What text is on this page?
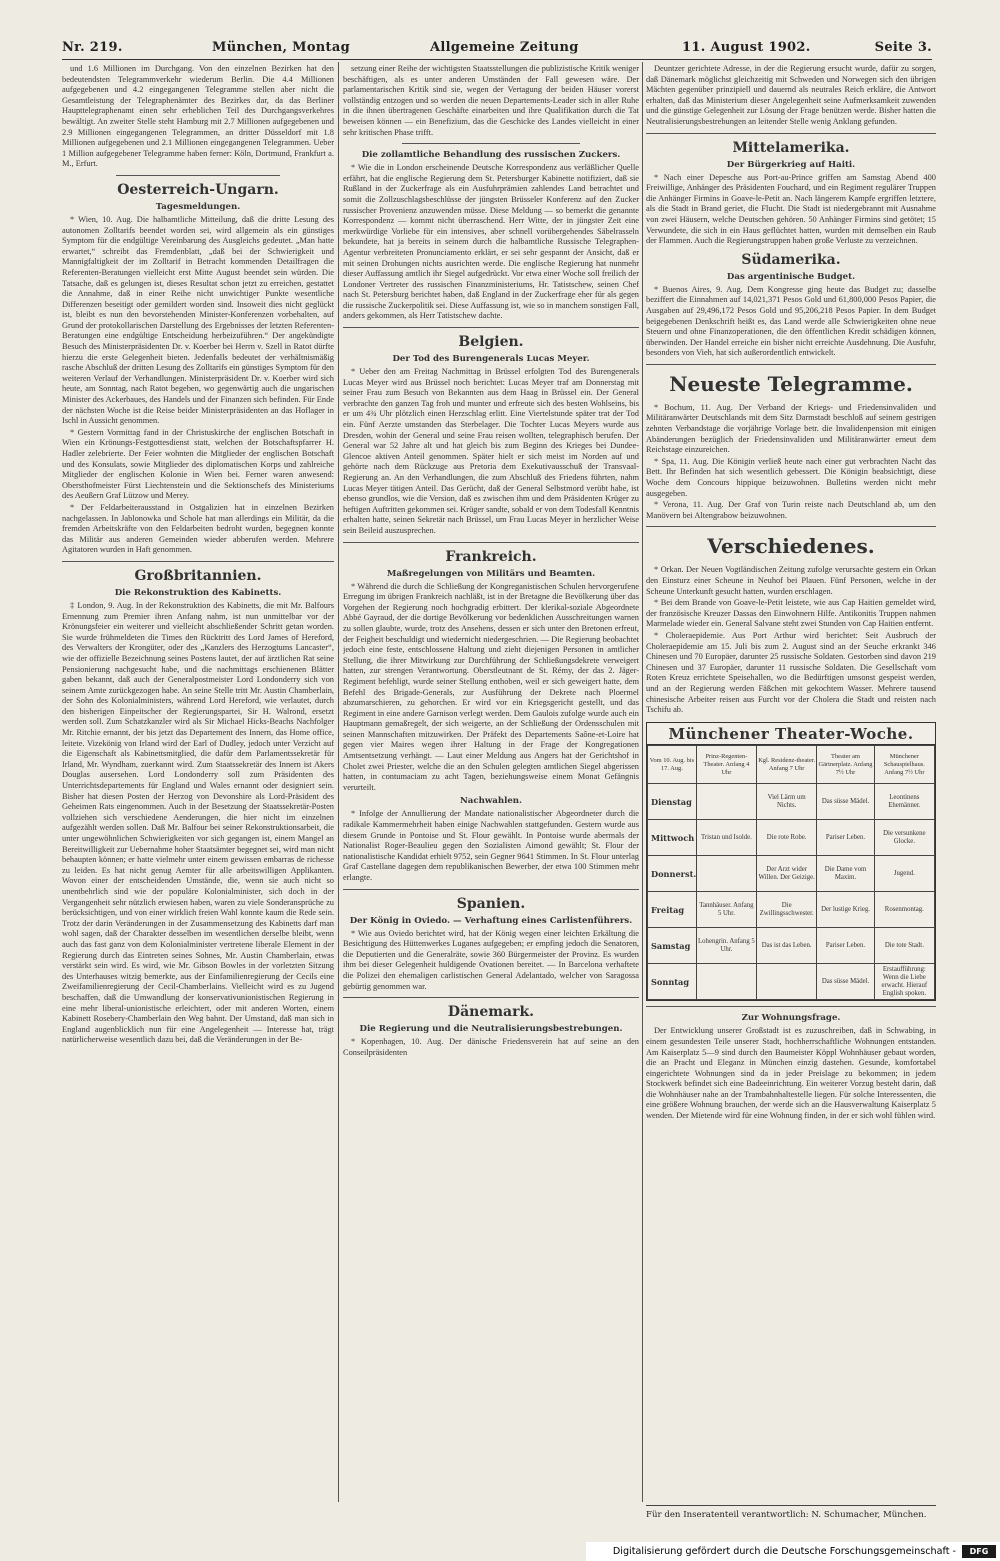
Nr. 219.	München, Montag	Allgemeine Zeitung	11. August 1902.	Seite 3.

und 1.6 Millionen im Durchgang. Von den einzelnen Bezirken hat den bedeutendsten Telegrammverkehr wiederum Berlin. Die 4.4 Millionen aufgegebenen und 4.2 eingegangenen Telegramme stellen aber nicht die Gesamtleistung der Telegraphenämter des Bezirkes dar, da das Berliner Haupttelegraphenamt einen sehr erheblichen Teil des Durchgangsverkehres bewältigt. An zweiter Stelle steht Hamburg mit 2.7 Millionen aufgegebenen und 2.9 Millionen eingegangenen Telegrammen, an dritter Düsseldorf mit 1.8 Millionen aufgegebenen und 2.1 Millionen eingegangenen Telegrammen. Ueber 1 Million aufgegebener Telegramme haben ferner: Köln, Dortmund, Frankfurt a. M., Erfurt.

Oesterreich-Ungarn.
Tagesmeldungen.

* Wien, 10. Aug. Die halbamtliche Mitteilung, daß die dritte Lesung des autonomen Zolltarifs beendet worden sei, wird allgemein als ein günstiges Symptom für die endgültige Vereinbarung des Ausgleichs gedeutet. „Man hatte erwartet,“ schreibt das Fremdenblatt, „daß bei der Schwierigkeit und Mannigfaltigkeit der im Zolltarif in Betracht kommenden Detailfragen die Referenten-Beratungen vielleicht erst Mitte August beendet sein würden. Die Tatsache, daß es gelungen ist, dieses Resultat schon jetzt zu erreichen, gestattet die Annahme, daß in einer Reihe nicht unwichtiger Punkte wesentliche Differenzen beseitigt oder gemildert worden sind. Insoweit dies nicht geglückt ist, bleibt es nun den bevorstehenden Minister-Konferenzen vorbehalten, auf Grund der protokollarischen Darstellung des Ergebnisses der letzten Referenten-Beratungen eine endgültige Entscheidung herbeizuführen.“ Der angekündigte Besuch des Ministerpräsidenten Dr. v. Koerber bei Herrn v. Szell in Ratot dürfte hierzu die erste Gelegenheit bieten. Jedenfalls bedeutet der verhältnismäßig rasche Abschluß der dritten Lesung des Zolltarifs ein günstiges Symptom für den weiteren Verlauf der Verhandlungen. Ministerpräsident Dr. v. Koerber wird sich heute, am Sonntag, nach Ratot begeben, wo gegenwärtig auch die ungarischen Minister des Ackerbaues, des Handels und der Finanzen sich befinden. Für Ende der nächsten Woche ist die Reise beider Ministerpräsidenten an das Hoflager in Ischl in Aussicht genommen.

* Gestern Vormittag fand in der Christuskirche der englischen Botschaft in Wien ein Krönungs-Festgottesdienst statt, welchen der Botschaftspfarrer H. Hadler zelebrierte. Der Feier wohnten die Mitglieder der englischen Botschaft und des Konsulats, sowie Mitglieder des diplomatischen Korps und zahlreiche Mitglieder der englischen Kolonie in Wien bei. Ferner waren anwesend: Obersthofmeister Fürst Liechtenstein und die Sektionschefs des Ministeriums des Aeußern Graf Lützow und Merey.

* Der Feldarbeiterausstand in Ostgalizien hat in einzelnen Bezirken nachgelassen. In Jablonowka und Schole hat man allerdings ein Militär, da die fremden Arbeitskräfte von den Feldarbeiten bedroht wurden, begegnen konnte das Militär aus anderen Gemeinden wieder abberufen werden. Mehrere Agitatoren wurden in Haft genommen.

Großbritannien.
Die Rekonstruktion des Kabinetts.

‡ London, 9. Aug. In der Rekonstruktion des Kabinetts, die mit Mr. Balfours Ernennung zum Premier ihren Anfang nahm, ist nun unmittelbar vor der Krönungsfeier ein weiterer und vielleicht abschließender Schritt getan worden. Sie wurde frühmeldeten die Times den Rücktritt des Lord James of Hereford, des Verwalters der Krongüter, oder des „Kanzlers des Herzogtums Lancaster“, wie der offizielle Bezeichnung seines Postens lautet, der auf ärztlichen Rat seine Pensionierung nachgesucht habe, und die nachmittags erschienenen Blätter gaben bekannt, daß auch der Generalpostmeister Lord Londonderry sich von seinem Amte zurückgezogen habe. An seine Stelle tritt Mr. Austin Chamberlain, der Sohn des Kolonialministers, während Lord Hereford, wie verlautet, durch den bisherigen Einpeitscher der Regierungspartei, Sir H. Walrond, ersetzt werden soll. Zum Schatzkanzler wird als Sir Michael Hicks-Beachs Nachfolger Mr. Ritchie ernannt, der bis jetzt das Departement des Innern, das Home office, leitete. Vizekönig von Irland wird der Earl of Dudley, jedoch unter Verzicht auf die Eigenschaft als Kabinettsmitglied, die dafür dem Parlamentssekretär für Irland, Mr. Wyndham, zuerkannt wird. Zum Staatssekretär des Innern ist Akers Douglas ausersehen. Lord Londonderry soll zum Präsidenten des Unterrichtsdepartements für England und Wales ernannt oder designiert sein. Bisher hat diesen Posten der Herzog von Devonshire als Lord-Präsident des Geheimen Rats eingenommen. Auch in der Besetzung der Staatssekretär-Posten vollziehen sich verschiedene Aenderungen, die hier nicht im einzelnen aufgezählt werden sollen. Daß Mr. Balfour bei seiner Rekonstruktionsarbeit, die unter ungewöhnlichen Schwierigkeiten vor sich gegangen ist, einem Mangel an Bereitwilligkeit zur Uebernahme hoher Staatsämter begegnet sei, wird man nicht behaupten können; er hatte vielmehr unter einem gewissen embarras de richesse zu leiden. Es hat nicht genug Aemter für alle arbeitswilligen Applikanten. Wovon einer der entscheidenden Umstände, die, wenn sie auch nicht so unentbehrlich sind wie der populäre Kolonialminister, sich doch in der Vergangenheit sehr nützlich erwiesen haben, waren zu viele Sonderansprüche zu berücksichtigen, und von einer wirklich freien Wahl konnte kaum die Rede sein. Trotz der darin Veränderungen in der Zusammensetzung des Kabinetts darf man wohl sagen, daß der Charakter desselben im wesentlichen derselbe bleibt, wenn auch das fast ganz von dem Kolonialminister vertretene liberale Element in der Regierung durch das Eintreten seines Sohnes, Mr. Austin Chamberlain, etwas verstärkt sein wird. Es wird, wie Mr. Gibson Bowles in der vorletzten Sitzung des Unterhauses witzig bemerkte, aus der Einfamilienregierung der Cecils eine Zweifamilienregierung der Cecil-Chamberlains. Vielleicht wird es zu Jugend beschaffen, daß die Umwandlung der konservativunionistischen Regierung in eine mehr liberal-unionistische erleichtert, oder mit anderen Worten, einem Kabinett Rosebery-Chamberlain den Weg bahnt. Der Umstand, daß man sich in England augenblicklich nun für eine Angelegenheit — Interesse hat, trägt natürlicherweise wesentlich dazu bei, daß die Veränderungen in der Be-

setzung einer Reihe der wichtigsten Staatsstellungen die publizistische Kritik weniger beschäftigen, als es unter anderen Umständen der Fall gewesen wäre. Der parlamentarischen Kritik sind sie, wegen der Vertagung der beiden Häuser vorerst vollständig entzogen und so werden die neuen Departements-Leader sich in aller Ruhe in die ihnen übertragenen Geschäfte einarbeiten und ihre Qualifikation durch die Tat beweisen können — ein Benefizium, das die Geschicke des Landes vielleicht in einer sehr kritischen Phase trifft.

Die zollamtliche Behandlung des russischen Zuckers.

* Wie die in London erscheinende Deutsche Korrespondenz aus verläßlicher Quelle erfährt, hat die englische Regierung dem St. Petersburger Kabinette notifiziert, daß sie Rußland in der Zuckerfrage als ein Ausfuhrprämien zahlendes Land betrachtet und somit die Zollzuschlagsbeschlüsse der jüngsten Brüsseler Konferenz auf den Zucker russischer Provenienz anzuwenden müsse. Diese Meldung — so bemerkt die genannte Korrespondenz — kommt nicht überraschend. Herr Witte, der in jüngster Zeit eine merkwürdige Vorliebe für ein intensives, aber schnell vorübergehendes Säbelrasseln bekundete, hat ja bereits in seinem durch die halbamtliche Russische Telegraphen-Agentur verbreiteten Pronunciamento erklärt, er sei sehr gespannt der Ansicht, daß er mit seinen Drohungen nichts ausrichten werde. Die englische Regierung hat nunmehr dieser Auffassung amtlich ihr Siegel aufgedrückt. Vor etwa einer Woche soll freilich der Londoner Vertreter des russischen Finanzministeriums, Hr. Tatistschew, seinen Chef nach St. Petersburg berichtet haben, daß England in der Zuckerfrage eher für als gegen die russische Zuckerpolitik sei. Diese Auffassung ist, wie so in manchem sonstigen Fall, anders gekommen, als Herr Tatistschew dachte.

Belgien.
Der Tod des Burengenerals Lucas Meyer.

* Ueber den am Freitag Nachmittag in Brüssel erfolgten Tod des Burengenerals Lucas Meyer wird aus Brüssel noch berichtet: Lucas Meyer traf am Donnerstag mit seiner Frau zum Besuch von Bekannten aus dem Haag in Brüssel ein. Der General verbrachte den ganzen Tag froh und munter und erfreute sich des besten Wohlseins, bis er um 4¾ Uhr plötzlich einen Herzschlag erlitt. Eine Viertelstunde später trat der Tod ein. Fünf Aerzte umstanden das Sterbelager. Die Tochter Lucas Meyers wurde aus Dresden, wohin der General und seine Frau reisen wollten, telegraphisch berufen. Der General war 52 Jahre alt und hat gleich bis zum Beginn des Krieges bei Dundee-Glencoe aktiven Anteil genommen. Später hielt er sich meist im Norden auf und gehörte nach dem Rückzuge aus Pretoria dem Exekutivausschuß der Transvaal-Regierung an. An den Verhandlungen, die zum Abschluß des Friedens führten, nahm Lucas Meyer tätigen Anteil. Das Gerücht, daß der General Selbstmord verübt habe, ist ebenso grundlos, wie die Version, daß es zwischen ihm und dem Präsidenten Krüger zu heftigen Auftritten gekommen sei. Krüger sandte, sobald er von dem Todesfall Kenntnis erhalten hatte, seinen Sekretär nach Brüssel, um Frau Lucas Meyer in herzlicher Weise sein Beileid auszusprechen.

Frankreich.
Maßregelungen von Militärs und Beamten.

* Während die durch die Schließung der Kongreganistischen Schulen hervorgerufene Erregung im übrigen Frankreich nachläßt, ist in der Bretagne die Bevölkerung über das Vorgehen der Regierung noch hochgradig erbittert. Der klerikal-soziale Abgeordnete Abbé Gayraud, der die dortige Bevölkerung vor bedenklichen Ausschreitungen warnen zu sollen glaubte, wurde, trotz des Ansehens, dessen er sich unter den Bretonen erfreut, der Feigheit beschuldigt und wiedernicht niedergeschrien. — Die Regierung beobachtet jedoch eine feste, entschlossene Haltung und zieht diejenigen Personen in amtlicher Stellung, die ihrer Mitwirkung zur Durchführung der Schließungsdekrete verweigert hatten, zur strengen Verantwortung. Oberstleutnant de St. Rémy, der das 2. Jäger-Regiment befehligt, wurde seiner Stellung enthoben, weil er sich geweigert hatte, dem Befehl des Brigade-Generals, zur Ausführung der Dekrete nach Ploermel abzumarschieren, zu gehorchen. Er wird vor ein Kriegsgericht gestellt, und das Regiment in eine andere Garnison verlegt werden. Dem Gaulois zufolge wurde auch ein Hauptmann gemaßregelt, der sich weigerte, an der Schließung der Ordensschulen mit seinen Mannschaften mitzuwirken. Der Präfekt des Departements Saône-et-Loire hat gegen vier Maires wegen ihrer Haltung in der Frage der Kongregationen Amtsentsetzung verhängt. — Laut einer Meldung aus Angers hat der Gerichtshof in Cholet zwei Priester, welche die an den Schulen gelegten amtlichen Siegel abgerissen hatten, in contumaciam zu acht Tagen, beziehungsweise einem Monat Gefängnis verurteilt.

Nachwahlen.

* Infolge der Annullierung der Mandate nationalistischer Abgeordneter durch die radikale Kammermehrheit haben einige Nachwahlen stattgefunden. Gestern wurde aus diesem Grunde in Pontoise und St. Flour gewählt. In Pontoise wurde abermals der Nationalist Roger-Beaulieu gegen den Sozialisten Aimond gewählt; St. Flour der nationalistische Kandidat erhielt 9752, sein Gegner 9641 Stimmen. In St. Flour unterlag Graf Castellane dagegen dem republikanischen Bewerber, der etwa 100 Stimmen mehr erlangte.

Spanien.
Der König in Oviedo. — Verhaftung eines Carlistenführers.

* Wie aus Oviedo berichtet wird, hat der König wegen einer leichten Erkältung die Besichtigung des Hüttenwerkes Luganes aufgegeben; er empfing jedoch die Senatoren, die Deputierten und die Generalräte, sowie 360 Bürgermeister der Provinz. Es wurden ihm bei dieser Gelegenheit huldigende Ovationen bereitet. — In Barcelona verhaftete die Polizei den ehemaligen carlistischen General Adelantado, welcher von Saragossa gebürtig genommen war.

Dänemark.
Die Regierung und die Neutralisierungsbestrebungen.

* Kopenhagen, 10. Aug. Der dänische Friedensverein hat auf seine an den Conseilpräsidenten

Deuntzer gerichtete Adresse, in der die Regierung ersucht wurde, dafür zu sorgen, daß Dänemark möglichst gleichzeitig mit Schweden und Norwegen sich den übrigen Mächten gegenüber prinzipiell und dauernd als neutrales Reich erkläre, die Antwort erhalten, daß das Ministerium dieser Angelegenheit seine Aufmerksamkeit zuwenden und die günstige Gelegenheit zur Lösung der Frage benützen werde. Bisher hatten die Neutralisierungsbestrebungen an leitender Stelle wenig Anklang gefunden.

Mittelamerika.
Der Bürgerkrieg auf Haiti.

* Nach einer Depesche aus Port-au-Prince griffen am Samstag Abend 400 Freiwillige, Anhänger des Präsidenten Fouchard, und ein Regiment regulärer Truppen die Anhänger Firmins in Goave-le-Petit an. Nach längerem Kampfe ergriffen letztere, als die Stadt in Brand geriet, die Flucht. Die Stadt ist niedergebrannt mit Ausnahme von zwei Häusern, welche Deutschen gehören. 50 Anhänger Firmins sind getötet; 15 Verwundete, die sich in ein Haus geflüchtet hatten, wurden mit demselben ein Raub der Flammen. Auch die Regierungstruppen haben große Verluste zu verzeichnen.

Südamerika.
Das argentinische Budget.

* Buenos Aires, 9. Aug. Dem Kongresse ging heute das Budget zu; dasselbe beziffert die Einnahmen auf 14,021,371 Pesos Gold und 61,800,000 Pesos Papier, die Ausgaben auf 29,496,172 Pesos Gold und 95,206,218 Pesos Papier. In dem Budget beigegebenen Denkschrift heißt es, das Land werde alle Schwierigkeiten ohne neue Steuern und ohne Finanzoperationen, die den öffentlichen Kredit schädigen können, überwinden. Der Handel erreiche ein bisher nicht erreichte Ausdehnung. Die Ausfuhr, besonders von Vieh, hat sich außerordentlich entwickelt.

Neueste Telegramme.

* Bochum, 11. Aug. Der Verband der Kriegs- und Friedensinvaliden und Militäranwärter Deutschlands mit dem Sitz Darmstadt beschloß auf seinem gestrigen zehnten Verbandstage die vorjährige Vorlage betr. die Invalidenpension mit einigen Abänderungen bezüglich der Friedensinvaliden und Militäranwärter erneut dem Reichstage einzureichen.

* Spa, 11. Aug. Die Königin verließ heute nach einer gut verbrachten Nacht das Bett. Ihr Befinden hat sich wesentlich gebessert. Die Königin beabsichtigt, diese Woche dem Concours hippique beizuwohnen. Bulletins werden nicht mehr ausgegeben.

* Verona, 11. Aug. Der Graf von Turin reiste nach Deutschland ab, um den Manövern bei Altengrabow beizuwohnen.

Verschiedenes.

* Orkan. Der Neuen Vogtländischen Zeitung zufolge verursachte gestern ein Orkan den Einsturz einer Scheune in Neuhof bei Plauen. Fünf Personen, welche in der Scheune Unterkunft gesucht hatten, wurden erschlagen.

* Bei dem Brande von Goave-le-Petit leistete, wie aus Cap Haitien gemeldet wird, der französische Kreuzer Dassas den Einwohnern Hilfe. Antikonitis Truppen nahmen Marmelade wieder ein. General Salvane steht zwei Stunden von Cap Haitien entfernt.

* Choleraepidemie. Aus Port Arthur wird berichtet: Seit Ausbruch der Choleraepidemie am 15. Juli bis zum 2. August sind an der Seuche erkrankt 346 Chinesen und 70 Europäer, darunter 25 russische Soldaten. Gestorben sind davon 219 Chinesen und 37 Europäer, darunter 11 russische Soldaten. Die Gesellschaft vom Roten Kreuz errichtete Speisehallen, wo die Bedürftigen umsonst gespeist werden, und an der Regierung werden Fäßchen mit gekochtem Wasser. Mehrere tausend chinesische Arbeiter reisen aus Furcht vor der Cholera die Stadt und reisten nach Tschifu ab.

Münchener Theater-Woche.
Vom 10. Aug. bis 17. Aug.	Prinz-Regenten-Theater. Anfang 4 Uhr	Kgl. Residenz-theater. Anfang 7 Uhr	Theater am Gärtnerplatz. Anfang 7½ Uhr	Münchener Schauspielhaus. Anfang 7½ Uhr
Dienstag		Viel Lärm um Nichts.	Das süsse Mädel.	Leontinens Ehemänner.
Mittwoch	Tristan und Isolde.	Die rote Robe.	Pariser Leben.	Die versunkene Glocke.
Donnerst.		Der Arzt wider Willen. Der Geizige.	Die Dame vom Maxim.	Jugend.
Freitag	Tannhäuser. Anfang 5 Uhr.	Die Zwillingsschwester.	Der lustige Krieg.	Rosenmontag.
Samstag	Lohengrin. Anfang 5 Uhr.	Das ist das Leben.	Pariser Leben.	Die tote Stadt.
Sonntag			Das süsse Mädel.	Erstaufführung: Wenn die Liebe erwacht. Hierauf English spoken.
Zur Wohnungsfrage.

Der Entwicklung unserer Großstadt ist es zuzuschreiben, daß in Schwabing, in einem gesundesten Teile unserer Stadt, hochherrschaftliche Wohnungen entstanden. Am Kaiserplatz 5—9 sind durch den Baumeister Köppl Wohnhäuser gebaut worden, die an Pracht und Eleganz in München einzig dastehen. Gesunde, komfortabel eingerichtete Wohnungen sind da in jeder Preislage zu bekommen; in jedem Stockwerk befindet sich eine Badeeinrichtung. Ein weiterer Vorzug besteht darin, daß die Wohnhäuser nahe an der Trambahnhaltestelle liegen. Für solche Interessenten, die eine größere Wohnung brauchen, der werde sich an die Hausverwaltung Kaiserplatz 5 wenden. Der Mietende wird für eine Wohnung finden, in der er sich wohl fühlen wird.

Für den Inseratenteil verantwortlich: N. Schumacher, München.
Digitalisierung gefördert durch die Deutsche Forschungsgemeinschaft -	DFG
